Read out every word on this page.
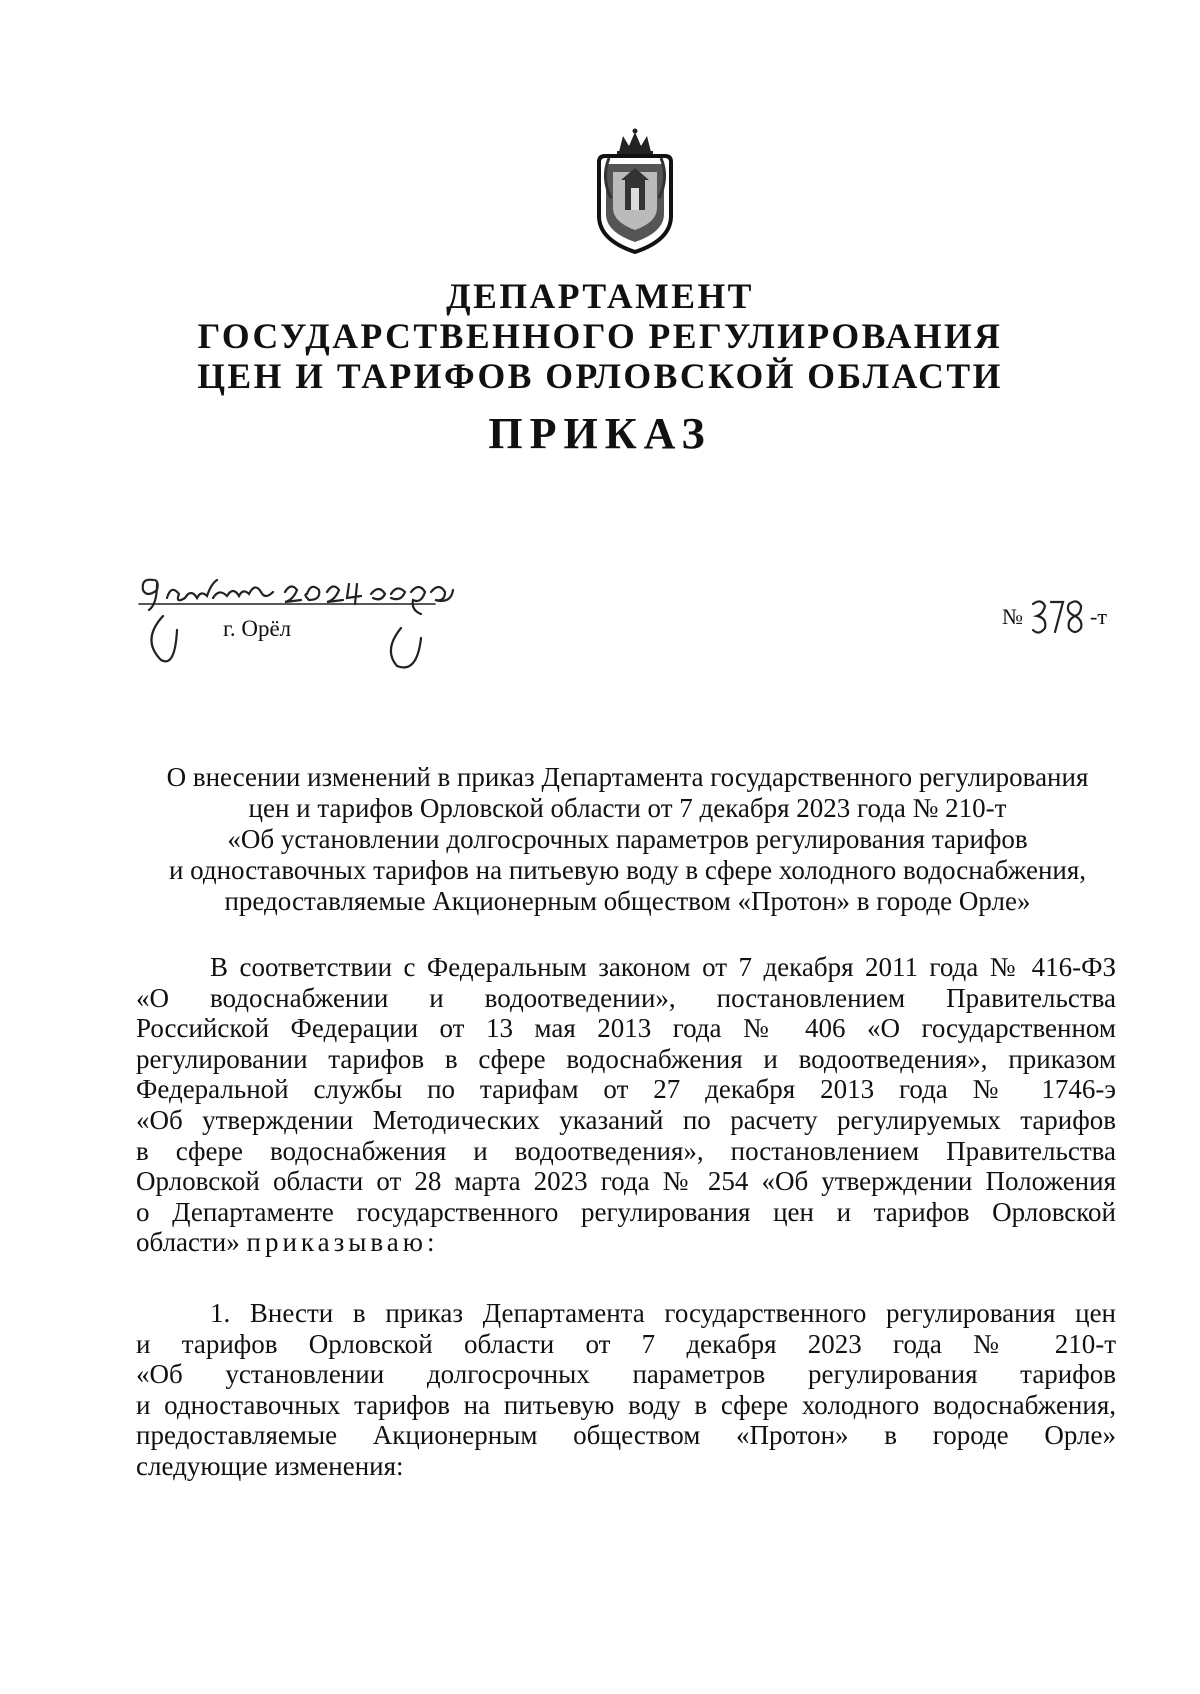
ДЕПАРТАМЕНТ
ГОСУДАРСТВЕННОГО РЕГУЛИРОВАНИЯ
ЦЕН И ТАРИФОВ ОРЛОВСКОЙ ОБЛАСТИ
ПРИКАЗ
г. Орёл	№	-т
О внесении изменений в приказ Департамента государственного регулирования
цен и тарифов Орловской области от 7 декабря 2023 года № 210-т
«Об установлении долгосрочных параметров регулирования тарифов
и одноставочных тарифов на питьевую воду в сфере холодного водоснабжения,
предоставляемые Акционерным обществом «Протон» в городе Орле»
В соответствии с Федеральным законом от 7 декабря 2011 года № 416-ФЗ
«О водоснабжении и водоотведении», постановлением Правительства
Российской Федерации от 13 мая 2013 года № 406 «О государственном
регулировании тарифов в сфере водоснабжения и водоотведения», приказом
Федеральной службы по тарифам от 27 декабря 2013 года № 1746-э
«Об утверждении Методических указаний по расчету регулируемых тарифов
в сфере водоснабжения и водоотведения», постановлением Правительства
Орловской области от 28 марта 2023 года № 254 «Об утверждении Положения
о Департаменте государственного регулирования цен и тарифов Орловской
области» приказываю:
1. Внести в приказ Департамента государственного регулирования цен
и тарифов Орловской области от 7 декабря 2023 года № 210-т
«Об установлении долгосрочных параметров регулирования тарифов
и одноставочных тарифов на питьевую воду в сфере холодного водоснабжения,
предоставляемые Акционерным обществом «Протон» в городе Орле»
следующие изменения:
